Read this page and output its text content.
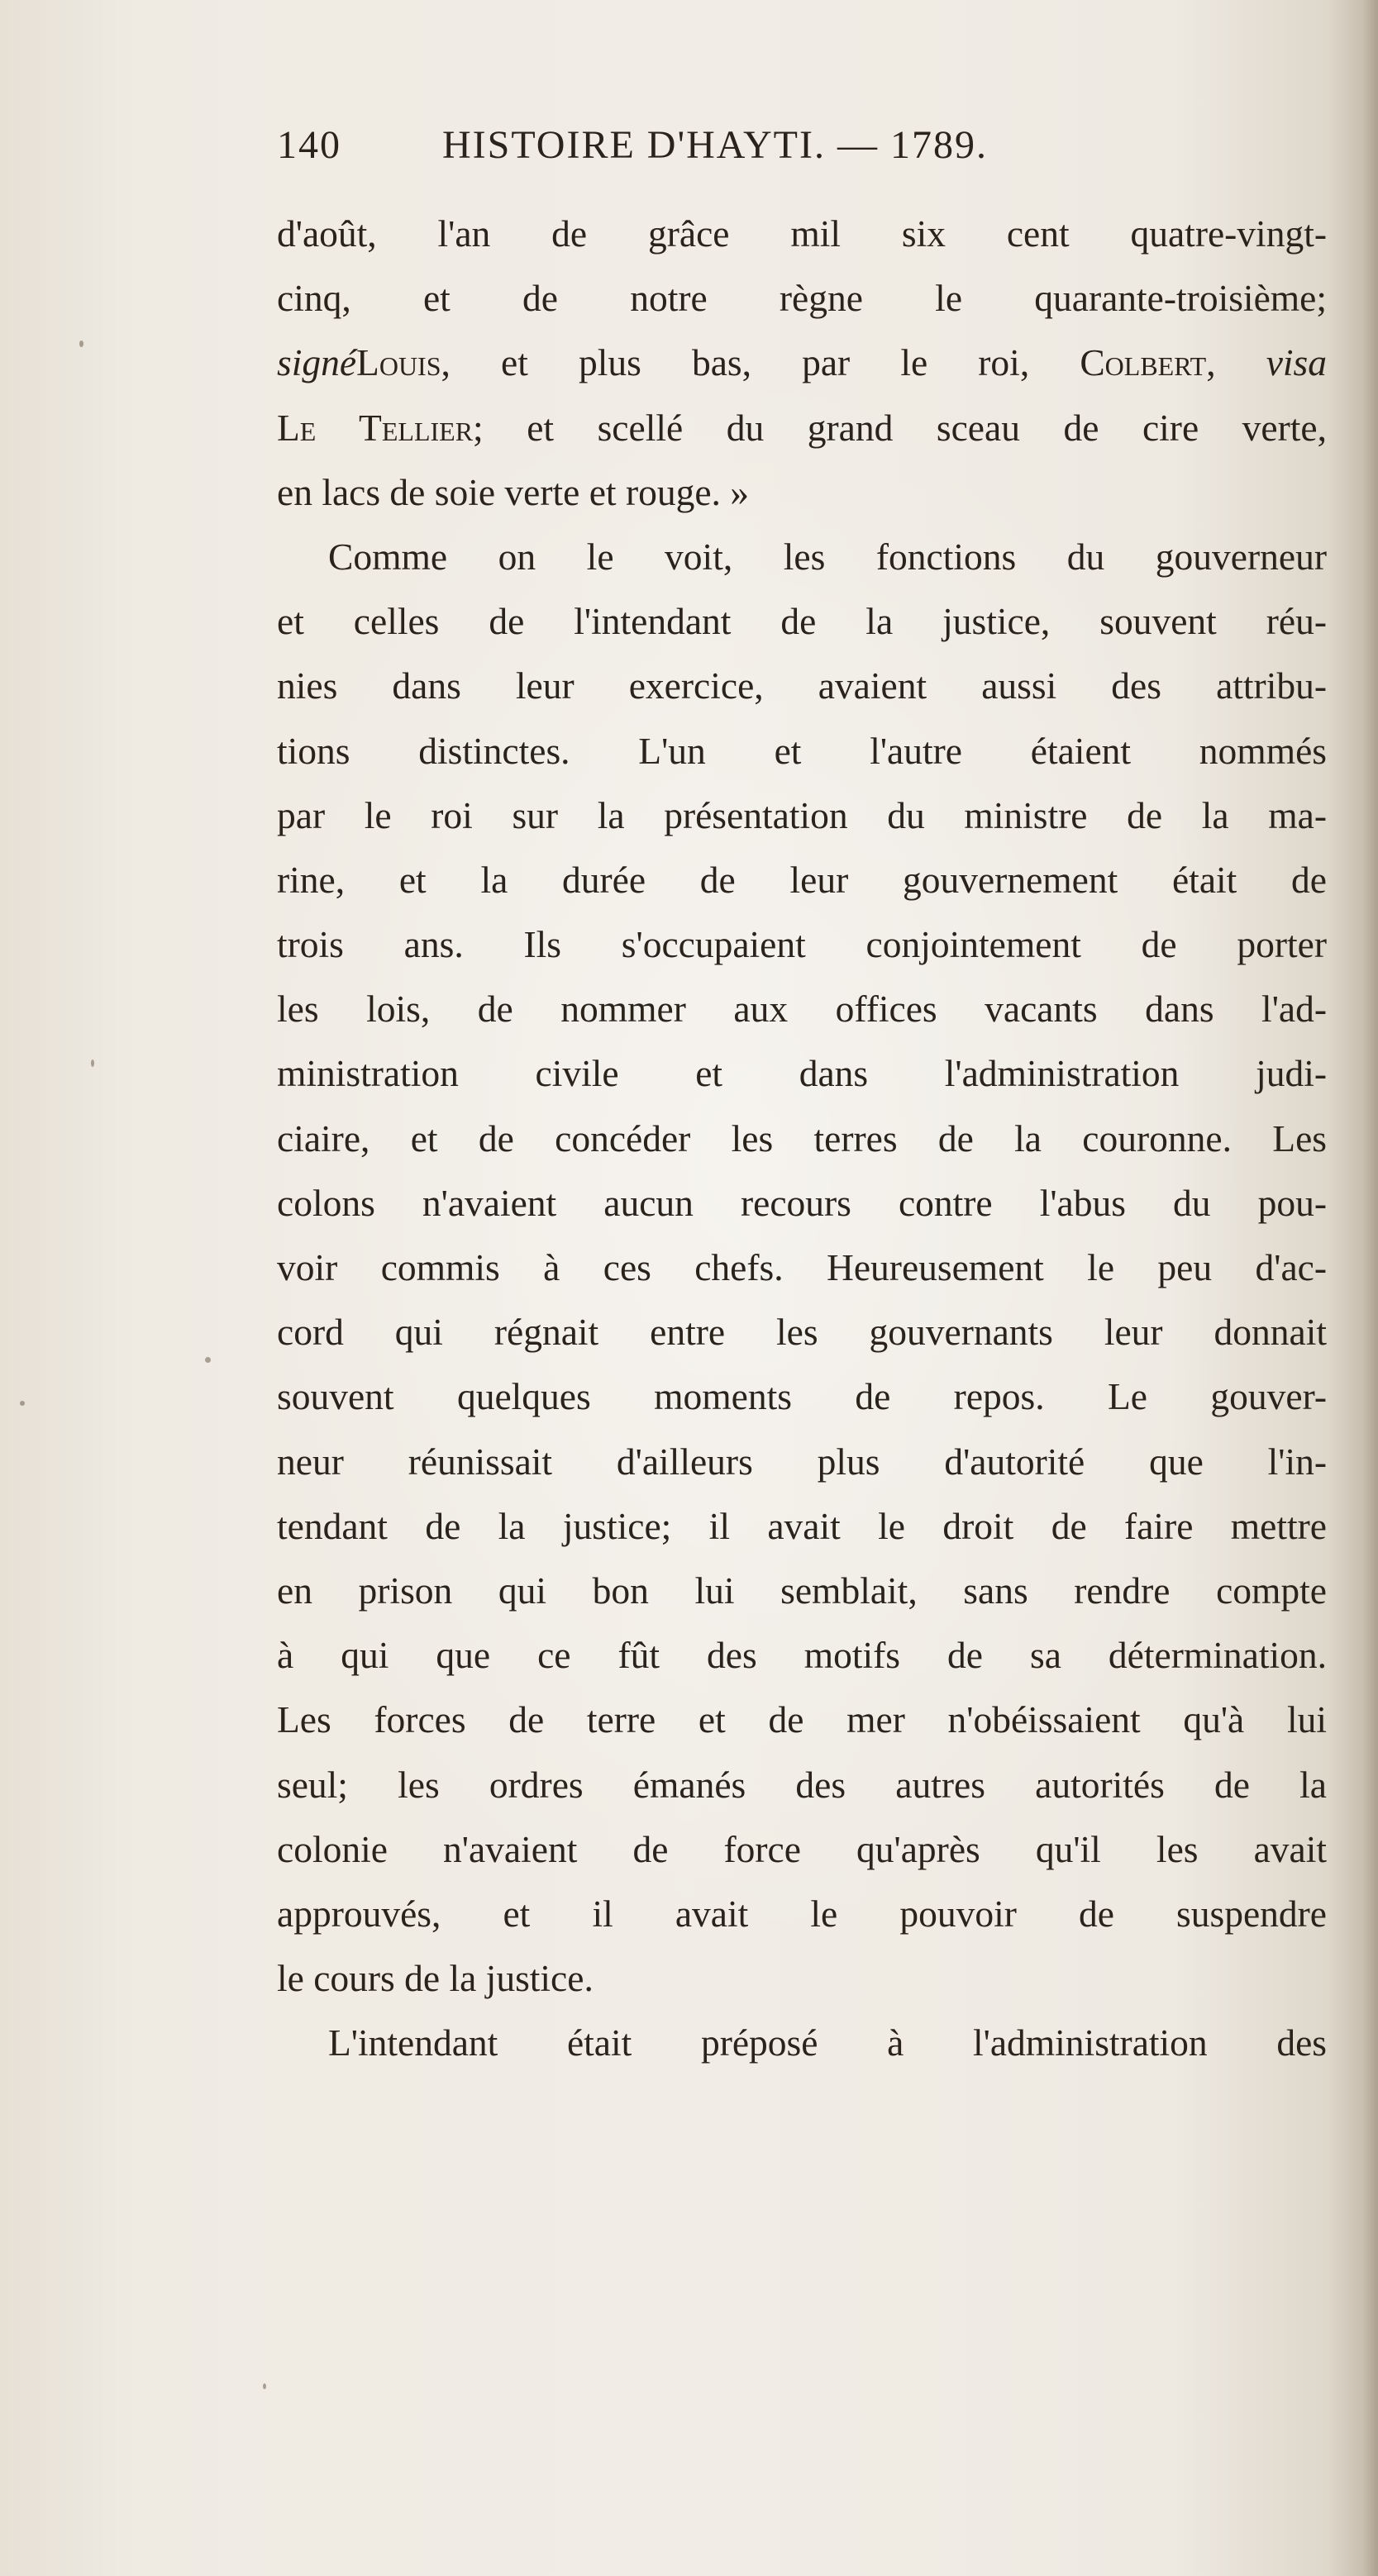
140	HISTOIRE D'HAYTI. — 1789.
d'août, l'an de grâce mil six cent quatre-vingt-
cinq, et de notre règne le quarante-troisième;
signéLouis, et plus bas, par le roi, Colbert, visa
Le Tellier; et scellé du grand sceau de cire verte,
en lacs de soie verte et rouge. »
Comme on le voit, les fonctions du gouverneur
et celles de l'intendant de la justice, souvent réu-
nies dans leur exercice, avaient aussi des attribu-
tions distinctes. L'un et l'autre étaient nommés
par le roi sur la présentation du ministre de la ma-
rine, et la durée de leur gouvernement était de
trois ans. Ils s'occupaient conjointement de porter
les lois, de nommer aux offices vacants dans l'ad-
ministration civile et dans l'administration judi-
ciaire, et de concéder les terres de la couronne. Les
colons n'avaient aucun recours contre l'abus du pou-
voir commis à ces chefs. Heureusement le peu d'ac-
cord qui régnait entre les gouvernants leur donnait
souvent quelques moments de repos. Le gouver-
neur réunissait d'ailleurs plus d'autorité que l'in-
tendant de la justice; il avait le droit de faire mettre
en prison qui bon lui semblait, sans rendre compte
à qui que ce fût des motifs de sa détermination.
Les forces de terre et de mer n'obéissaient qu'à lui
seul; les ordres émanés des autres autorités de la
colonie n'avaient de force qu'après qu'il les avait
approuvés, et il avait le pouvoir de suspendre
le cours de la justice.
L'intendant était préposé à l'administration des
